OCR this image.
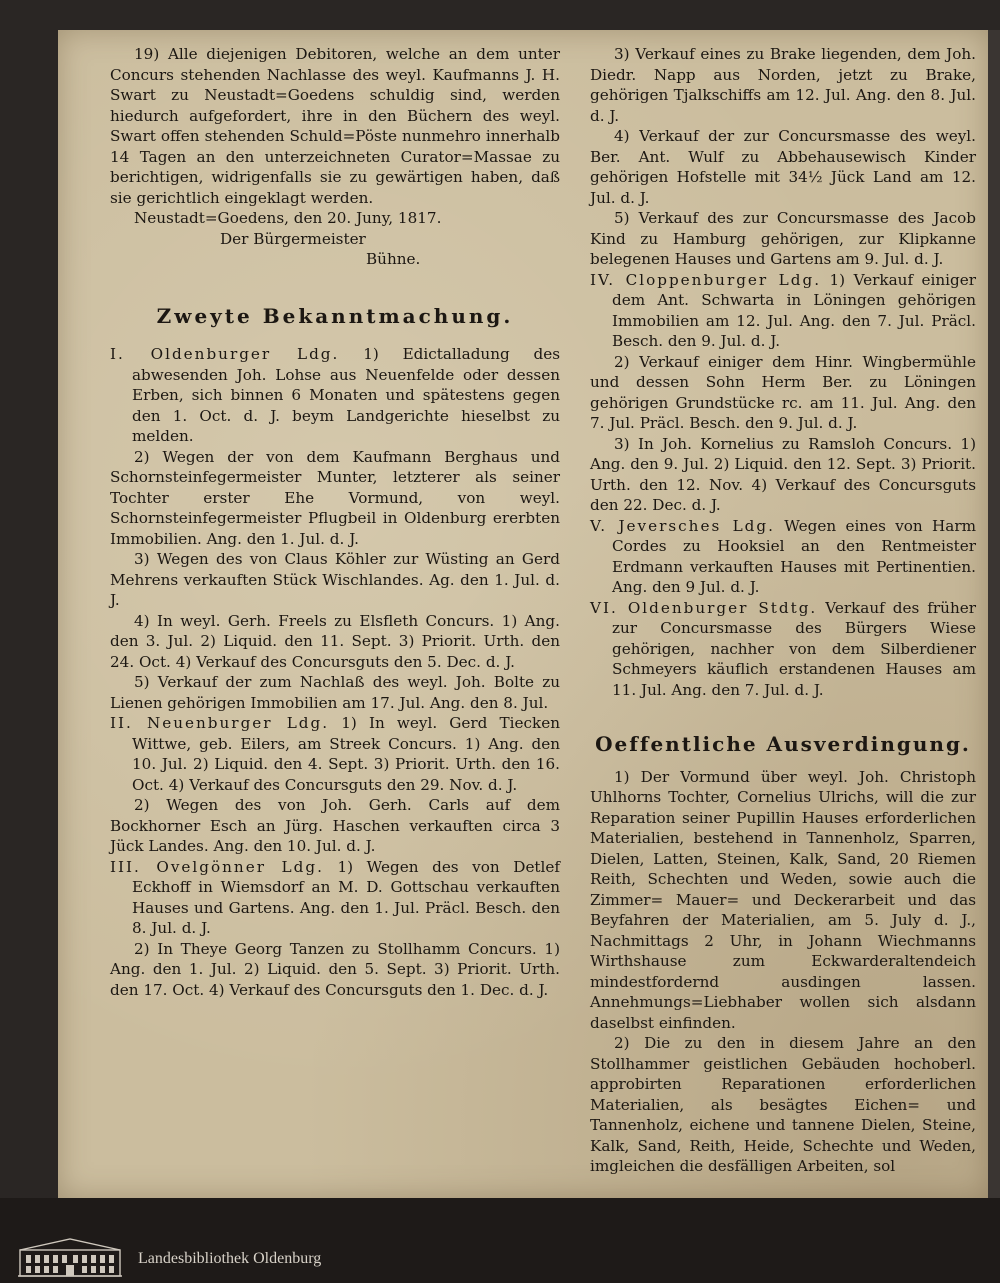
19) Alle diejenigen Debitoren, welche an dem unter Concurs stehenden Nachlasse des weyl. Kaufmanns J. H. Swart zu Neustadt=Goedens schuldig sind, werden hiedurch aufgefordert, ihre in den Büchern des weyl. Swart offen stehenden Schuld=Pöste nunmehro innerhalb 14 Tagen an den unterzeichneten Curator=Massae zu berichtigen, widrigenfalls sie zu gewärtigen haben, daß sie gerichtlich eingeklagt werden.

Neustadt=Goedens, den 20. Juny, 1817.

Der Bürgermeister

Bühne.

Zweyte Bekanntmachung.

I. Oldenburger Ldg. 1) Edictalladung des abwesenden Joh. Lohse aus Neuenfelde oder dessen Erben, sich binnen 6 Monaten und spätestens gegen den 1. Oct. d. J. beym Landgerichte hieselbst zu melden.

2) Wegen der von dem Kaufmann Berghaus und Schornsteinfegermeister Munter, letzterer als seiner Tochter erster Ehe Vormund, von weyl. Schornsteinfegermeister Pflugbeil in Oldenburg ererbten Immobilien. Ang. den 1. Jul. d. J.

3) Wegen des von Claus Köhler zur Wüsting an Gerd Mehrens verkauften Stück Wischlandes. Ag. den 1. Jul. d. J.

4) In weyl. Gerh. Freels zu Elsfleth Concurs. 1) Ang. den 3. Jul. 2) Liquid. den 11. Sept. 3) Priorit. Urth. den 24. Oct. 4) Verkauf des Concursguts den 5. Dec. d. J.

5) Verkauf der zum Nachlaß des weyl. Joh. Bolte zu Lienen gehörigen Immobilien am 17. Jul. Ang. den 8. Jul.

II. Neuenburger Ldg. 1) In weyl. Gerd Tiecken Wittwe, geb. Eilers, am Streek Concurs. 1) Ang. den 10. Jul. 2) Liquid. den 4. Sept. 3) Priorit. Urth. den 16. Oct. 4) Verkauf des Concursguts den 29. Nov. d. J.

2) Wegen des von Joh. Gerh. Carls auf dem Bockhorner Esch an Jürg. Haschen verkauften circa 3 Jück Landes. Ang. den 10. Jul. d. J.

III. Ovelgönner Ldg. 1) Wegen des von Detlef Eckhoff in Wiemsdorf an M. D. Gottschau verkauften Hauses und Gartens. Ang. den 1. Jul. Präcl. Besch. den 8. Jul. d. J.

2) In Theye Georg Tanzen zu Stollhamm Concurs. 1) Ang. den 1. Jul. 2) Liquid. den 5. Sept. 3) Priorit. Urth. den 17. Oct. 4) Verkauf des Concursguts den 1. Dec. d. J.

3) Verkauf eines zu Brake liegenden, dem Joh. Diedr. Napp aus Norden, jetzt zu Brake, gehörigen Tjalkschiffs am 12. Jul. Ang. den 8. Jul. d. J.

4) Verkauf der zur Concursmasse des weyl. Ber. Ant. Wulf zu Abbehausewisch Kinder gehörigen Hofstelle mit 34½ Jück Land am 12. Jul. d. J.

5) Verkauf des zur Concursmasse des Jacob Kind zu Hamburg gehörigen, zur Klipkanne belegenen Hauses und Gartens am 9. Jul. d. J.

IV. Cloppenburger Ldg. 1) Verkauf einiger dem Ant. Schwarta in Löningen gehörigen Immobilien am 12. Jul. Ang. den 7. Jul. Präcl. Besch. den 9. Jul. d. J.

2) Verkauf einiger dem Hinr. Wingbermühle und dessen Sohn Herm Ber. zu Löningen gehörigen Grundstücke rc. am 11. Jul. Ang. den 7. Jul. Präcl. Besch. den 9. Jul. d. J.

3) In Joh. Kornelius zu Ramsloh Concurs. 1) Ang. den 9. Jul. 2) Liquid. den 12. Sept. 3) Priorit. Urth. den 12. Nov. 4) Verkauf des Concursguts den 22. Dec. d. J.

V. Jeversches Ldg. Wegen eines von Harm Cordes zu Hooksiel an den Rentmeister Erdmann verkauften Hauses mit Pertinentien. Ang. den 9 Jul. d. J.

VI. Oldenburger Stdtg. Verkauf des früher zur Concursmasse des Bürgers Wiese gehörigen, nachher von dem Silberdiener Schmeyers käuflich erstandenen Hauses am 11. Jul. Ang. den 7. Jul. d. J.

Oeffentliche Ausverdingung.

1) Der Vormund über weyl. Joh. Christoph Uhlhorns Tochter, Cornelius Ulrichs, will die zur Reparation seiner Pupillin Hauses erforderlichen Materialien, bestehend in Tannenholz, Sparren, Dielen, Latten, Steinen, Kalk, Sand, 20 Riemen Reith, Schechten und Weden, sowie auch die Zimmer= Mauer= und Deckerarbeit und das Beyfahren der Materialien, am 5. July d. J., Nachmittags 2 Uhr, in Johann Wiechmanns Wirthshause zum Eckwarderaltendeich mindestfordernd ausdingen lassen. Annehmungs=Liebhaber wollen sich alsdann daselbst einfinden.

2) Die zu den in diesem Jahre an den Stollhammer geistlichen Gebäuden hochoberl. approbirten Reparationen erforderlichen Materialien, als besägtes Eichen= und Tannenholz, eichene und tannene Dielen, Steine, Kalk, Sand, Reith, Heide, Schechte und Weden, imgleichen die desfälligen Arbeiten, sol

Landesbibliothek Oldenburg
